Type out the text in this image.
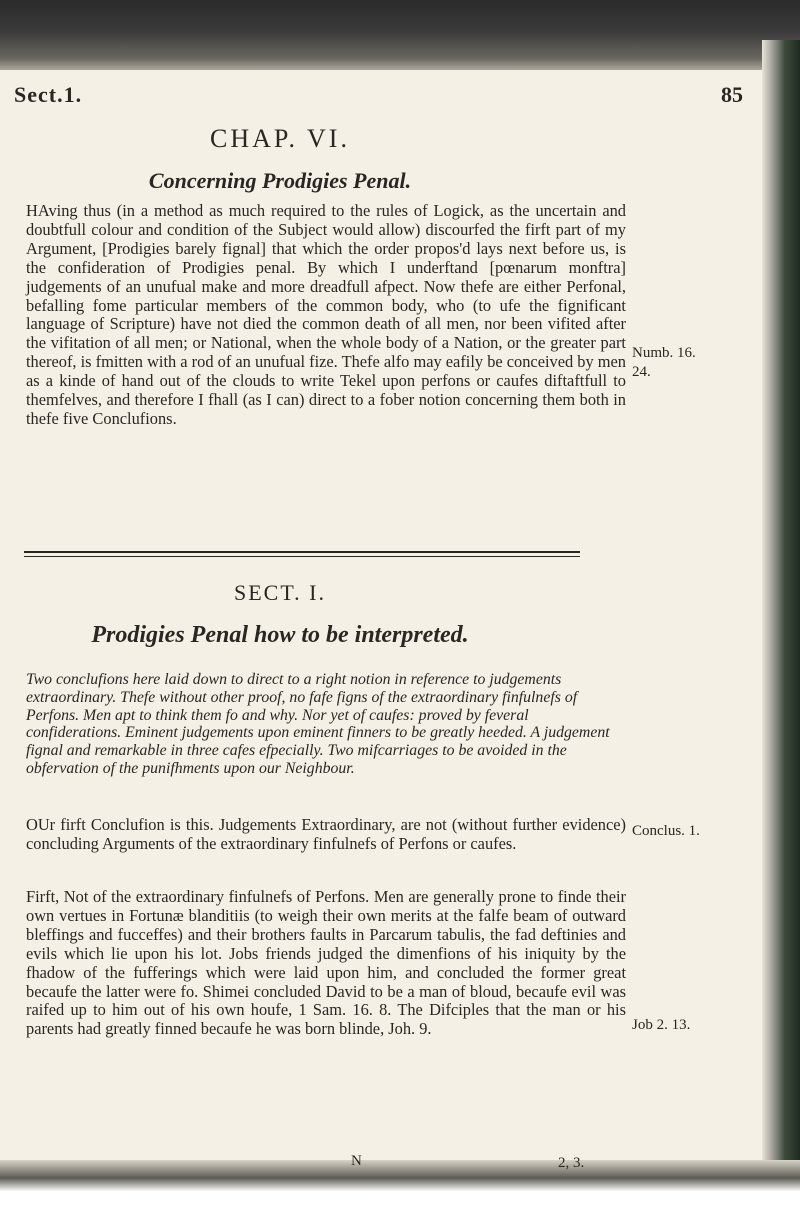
Sect.1.	85

CHAP. VI.

Concerning Prodigies Penal.

HAving thus (in a method as much required to the rules of Logick, as the uncertain and doubtfull colour and condition of the Subject would allow) discourfed the firft part of my Argument, [Prodigies barely fignal] that which the order propos'd lays next before us, is the confideration of Prodigies penal. By which I underftand [pœnarum monftra] judgements of an unufual make and more dreadfull afpect. Now thefe are either Perfonal, befalling fome particular members of the common body, who (to ufe the fignificant language of Scripture) have not died the common death of all men, nor been vifited after the vifitation of all men; or National, when the whole body of a Nation, or the greater part thereof, is fmitten with a rod of an unufual fize. Thefe alfo may eafily be conceived by men as a kinde of hand out of the clouds to write Tekel upon perfons or caufes diftaftfull to themfelves, and therefore I fhall (as I can) direct to a fober notion concerning them both in thefe five Conclufions.

Numb. 16.
24.

SECT. I.

Prodigies Penal how to be interpreted.

Two conclufions here laid down to direct to a right notion in reference to judgements extraordinary. Thefe without other proof, no fafe figns of the extraordinary finfulnefs of Perfons. Men apt to think them fo and why. Nor yet of caufes: proved by feveral confiderations. Eminent judgements upon eminent finners to be greatly heeded. A judgement fignal and remarkable in three cafes efpecially. Two mifcarriages to be avoided in the obfervation of the punifhments upon our Neighbour.

OUr firft Conclufion is this. Judgements Extraordinary, are not (without further evidence) concluding Arguments of the extraordinary finfulnefs of Perfons or caufes.

Conclus. 1.

Firft, Not of the extraordinary finfulnefs of Perfons. Men are generally prone to finde their own vertues in Fortunæ blanditiis (to weigh their own merits at the falfe beam of outward bleffings and fucceffes) and their brothers faults in Parcarum tabulis, the fad deftinies and evils which lie upon his lot. Jobs friends judged the dimenfions of his iniquity by the fhadow of the fufferings which were laid upon him, and concluded the former great becaufe the latter were fo. Shimei concluded David to be a man of bloud, becaufe evil was raifed up to him out of his own houfe, 1 Sam. 16. 8. The Difciples that the man or his parents had greatly finned becaufe he was born blinde, Joh. 9.	Job 2. 13.
N	2, 3.
